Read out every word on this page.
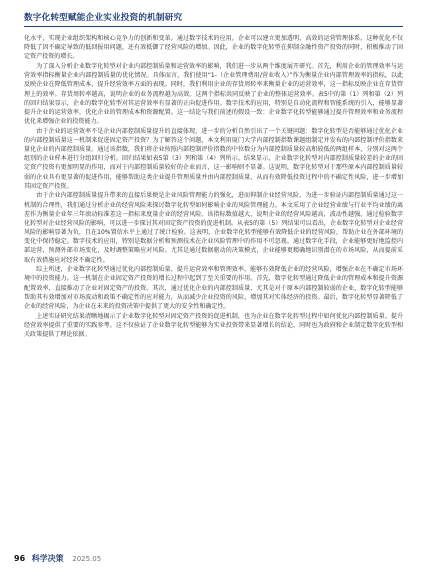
数字化转型赋能企业实业投资的机制研究

化水平，实现企业组织架构和核心竞争力的创新和变革。通过数字技术的应用，企业可以建立更加透明、高效的运营管理体系，这种优化不仅降低了因不确定导致的低回报用问题，还有效抵御了经营风险的增加。因此，企业的数字化转型在抑制金融性资产投资的同时，积极推动了固定资产投资的增长。

为了深入分析企业数字化转型对企业内部控制质量和运营效率的影响，我们进一步从两个维度展开研究。首先，利用企业的管理效率与运营效率指标衡量企业内部控制质量的优化情况。具体而言，我们使用“1-（企业管理费用/营业收入）”作为衡量企业内部管理效率的指标，以此反映企业在降低管理成本、提升经营效率方面的表现。同时，我们利用企业的存货周转率来衡量企业的运营效率，这一指标反映企业在存货管理上的效率。存货周转率越高，说明企业的业务流程越为高效。这两个指标共同反映了企业的整体运营效率。表5中的第（1）列和第（2）列的回归结果显示，企业的数字化转型对其运营效率有显著的正向促进作用。数字技术的应用，特别是自动化流程和智能系统的引入，能够显著提升企业的运营效率，优化企业的管理成本和资源配置。这一结论与我们前述的假设一致：企业数字化转型能够通过提升管理效率和业务流程优化来增强企业的投资能力。

由于企业的运营效率不是企业内部控制质量提升的直接体现，进一步的分析自然引出了一个关键问题：数字化转型是否能够通过优化企业的内部控制质量这一机制来促进固定资产投资？为了解答这个问题，本文利用厦门大学内部控制指数课题组制定并发布的内部控制评价指数来量化企业的内部控制质量。通过该指数，我们将企业按照内部控制评价指数的中位数分为内部控制质量较高和较低的两组样本，分别对这两个组别的企业样本进行分组回归分析。回归结果如表5第（3）列和第（4）列所示。结果显示，企业数字化转型对内部控制质量较差的企业的固定资产投资有更加明显的作用，而对于内部控制质量较好的企业而言，这一影响则不显著。这说明，数字化转型对于那些原本内部控制质量较弱的企业具有更显著的促进作用，能够帮助这类企业提升管理质量并由内部控制质量，从而有效降低投资过程中的不确定性风险，进一步增加其固定资产投资。

由于企业内部控制质量提升带来的直接后果便是企业风险管理能力的强化，进而抑制企业经营风险。为进一步验证内部控制质量通过这一机制的合理性，我们通过分析企业的经营风险来探讨数字化转型如何影响企业的风险管理能力。本文采用了企业经营业绩与行业平均业绩的离差作为衡量企业年三年滚动标准差这一指标来度量企业的经营风险。该指标数值越大，说明企业的经营风险越高，波动性越强。通过检验数字化转型对企业经营风险的影响，可以进一步探讨其对固定资产投资的促进机制。从表5的第（5）列结果可以看出，企业数字化转型对企业经营风险的影响显著为负，且在10%置信水平上通过了统计检验。这表明，企业数字化转型能够有效降低企业的经营风险，帮助企业在外部环境的变化中保持稳定。数字技术的应用，特别是数据分析和预测技术在企业风险管理中的作用不可忽视。通过数字化手段，企业能够更好地监控内部运营、预测外部市场变化，及时调整策略应对风险。尤其是通过数据驱动的决策模式，企业能够更精确地识别潜在的市场风险，从而提前采取有效措施应对经营不确定性。

综上所述，企业数字化转型通过优化内部控制质量、提升运营效率和管理效率，能够有效降低企业的经营风险，增强企业在不确定市场环境中的投资能力。这一机制在企业固定资产投资的增长过程中起到了至关重要的作用。首先，数字化转型通过降低企业的管理成本和提升资源配置效率，直接推动了企业对固定资产的投资。其次，通过优化企业的内部控制质量，尤其是对于原本内部控制较弱的企业，数字化转型能够帮助其有效增加对市场波动和政策不确定性的应对能力，从而减少企业投资的风险，增加其对实体经济的投资。最后，数字化转型显著降低了企业的经营风险，为企业在未来的投资决策中提供了更大的安全性和确定性。

上述实证研究结果清晰地揭示了企业数字化转型对固定资产投资的促进机制，也为企业在数字化转型过程中如何优化内部控制质量、提升经营效率提供了重要的实践参考。这不仅验证了企业数字化转型能够为实业投资带来显著增长的结论，同时也为政府和企业制定数字化转型相关政策提供了理论依据。

96 科学决策 2025.05
